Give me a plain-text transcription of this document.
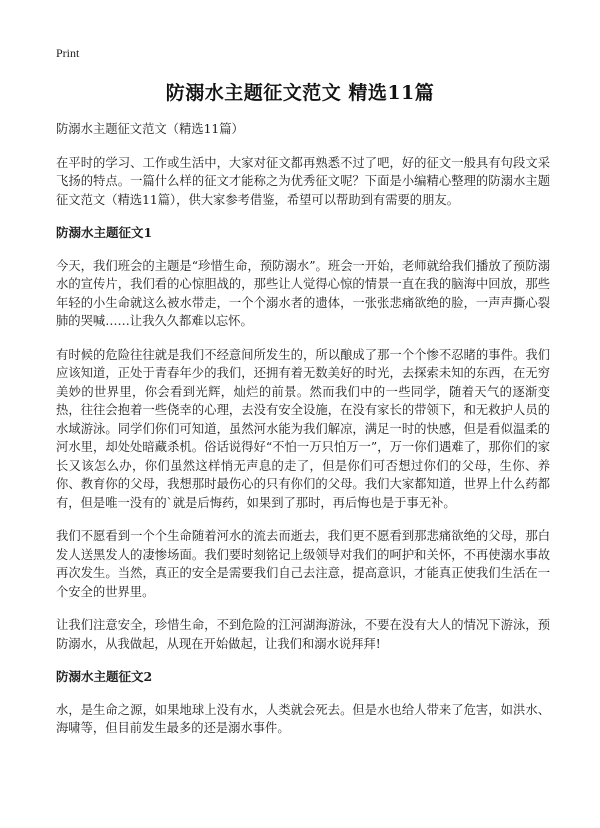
Print
防溺水主题征文范文 精选11篇

防溺水主题征文范文（精选11篇）

在平时的学习、工作或生活中，大家对征文都再熟悉不过了吧，好的征文一般具有句段文采飞扬的特点。一篇什么样的征文才能称之为优秀征文呢？下面是小编精心整理的防溺水主题征文范文（精选11篇），供大家参考借鉴，希望可以帮助到有需要的朋友。

防溺水主题征文1

今天，我们班会的主题是“珍惜生命，预防溺水”。班会一开始，老师就给我们播放了预防溺水的宣传片，我们看的心惊胆战的，那些让人觉得心惊的情景一直在我的脑海中回放，那些年轻的小生命就这么被水带走，一个个溺水者的遗体，一张张悲痛欲绝的脸，一声声撕心裂肺的哭喊……让我久久都难以忘怀。

有时候的危险往往就是我们不经意间所发生的，所以酿成了那一个个惨不忍睹的事件。我们应该知道，正处于青春年少的我们，还拥有着无数美好的时光，去探索未知的东西，在无穷美妙的世界里，你会看到光辉，灿烂的前景。然而我们中的一些同学，随着天气的逐渐变热，往往会抱着一些侥幸的心理，去没有安全设施，在没有家长的带领下，和无救护人员的水域游泳。同学们你们可知道，虽然河水能为我们解凉，满足一时的快感，但是看似温柔的河水里，却处处暗藏杀机。俗话说得好“不怕一万只怕万一”，万一你们遇难了，那你们的家长又该怎么办，你们虽然这样悄无声息的走了，但是你们可否想过你们的父母，生你、养你、教育你的父母，我想那时最伤心的只有你们的父母。我们大家都知道，世界上什么药都有，但是唯一没有的`就是后悔药，如果到了那时，再后悔也是于事无补。

我们不愿看到一个个生命随着河水的流去而逝去，我们更不愿看到那悲痛欲绝的父母，那白发人送黑发人的凄惨场面。我们要时刻铭记上级领导对我们的呵护和关怀，不再使溺水事故再次发生。当然，真正的安全是需要我们自己去注意，提高意识，才能真正使我们生活在一个安全的世界里。

让我们注意安全，珍惜生命，不到危险的江河湖海游泳，不要在没有大人的情况下游泳，预防溺水，从我做起，从现在开始做起，让我们和溺水说拜拜!

防溺水主题征文2

水，是生命之源，如果地球上没有水，人类就会死去。但是水也给人带来了危害，如洪水、海啸等，但目前发生最多的还是溺水事件。
